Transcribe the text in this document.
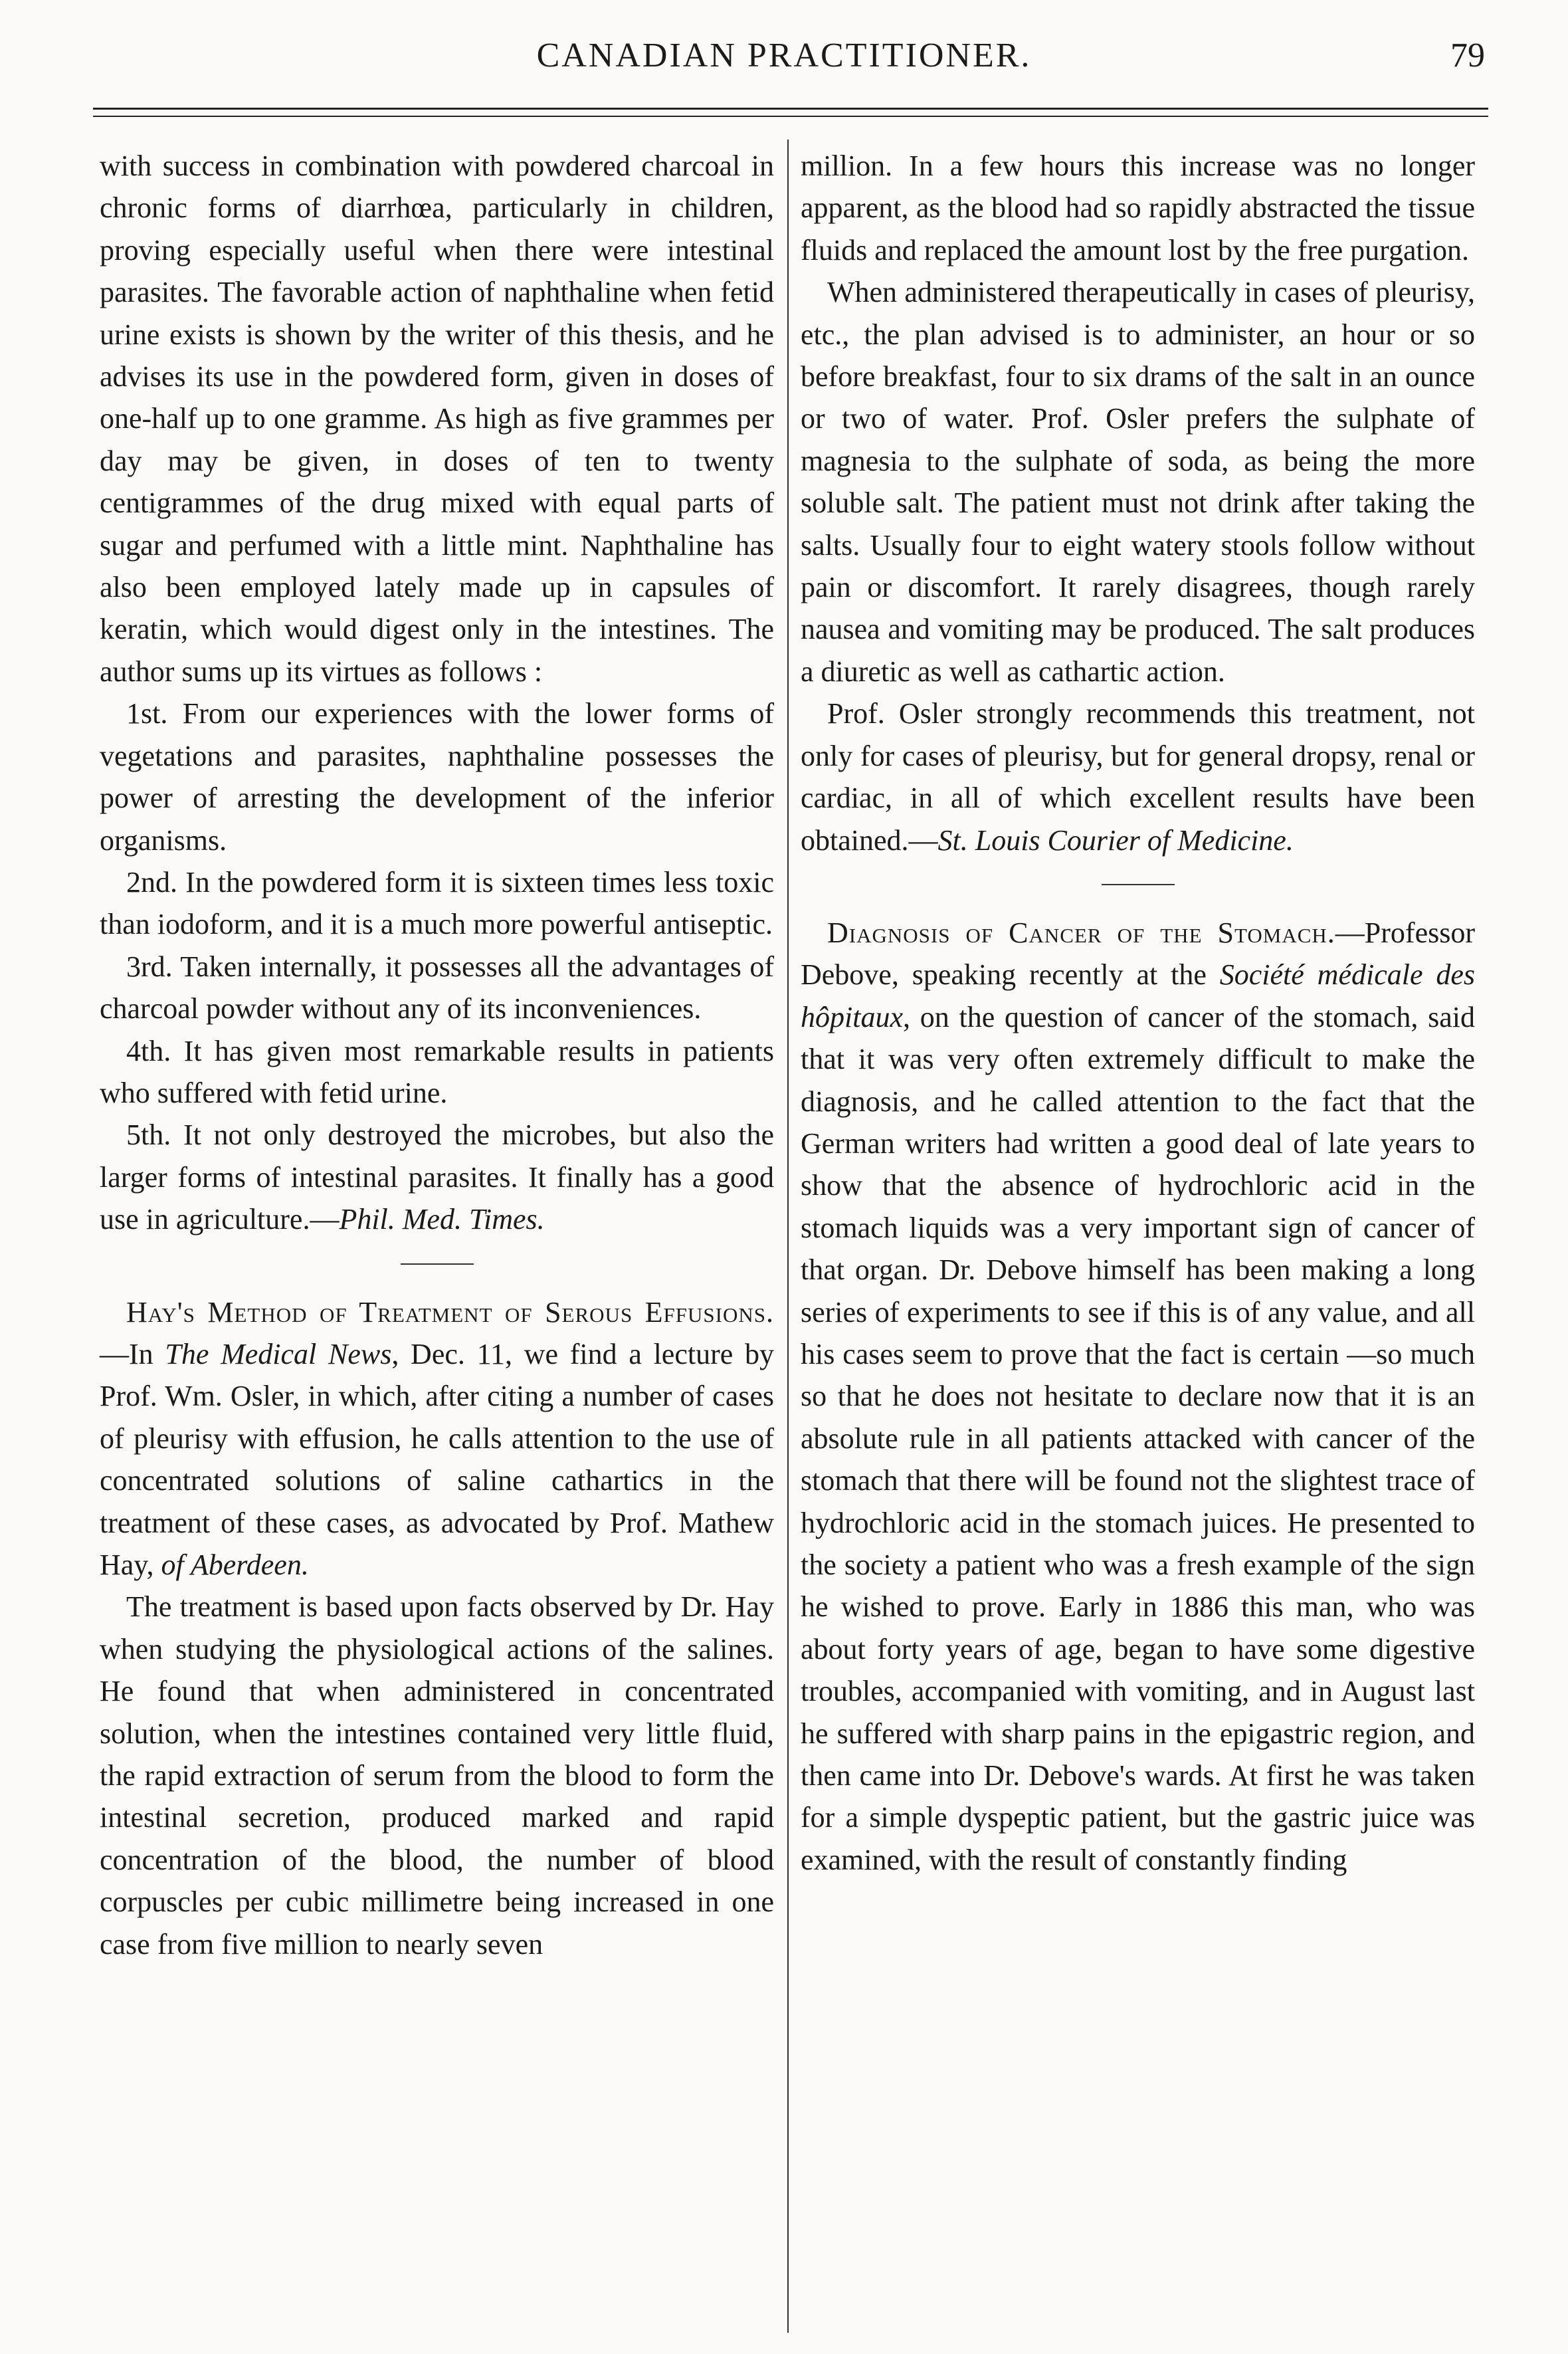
CANADIAN PRACTITIONER.	79

with success in combination with powdered charcoal in chronic forms of diarrhœa, particularly in children, proving especially useful when there were intestinal parasites. The favorable action of naphthaline when fetid urine exists is shown by the writer of this thesis, and he advises its use in the powdered form, given in doses of one-half up to one gramme. As high as five grammes per day may be given, in doses of ten to twenty centigrammes of the drug mixed with equal parts of sugar and perfumed with a little mint. Naphthaline has also been employed lately made up in capsules of keratin, which would digest only in the intestines. The author sums up its virtues as follows :

1st. From our experiences with the lower forms of vegetations and parasites, naphthaline possesses the power of arresting the development of the inferior organisms.

2nd. In the powdered form it is sixteen times less toxic than iodoform, and it is a much more powerful antiseptic.

3rd. Taken internally, it possesses all the advantages of charcoal powder without any of its inconveniences.

4th. It has given most remarkable results in patients who suffered with fetid urine.

5th. It not only destroyed the microbes, but also the larger forms of intestinal parasites. It finally has a good use in agriculture.—Phil. Med. Times.

Hay's Method of Treatment of Serous Effusions.—In The Medical News, Dec. 11, we find a lecture by Prof. Wm. Osler, in which, after citing a number of cases of pleurisy with effusion, he calls attention to the use of concentrated solutions of saline cathartics in the treatment of these cases, as advocated by Prof. Mathew Hay, of Aberdeen.

The treatment is based upon facts observed by Dr. Hay when studying the physiological actions of the salines. He found that when administered in concentrated solution, when the intestines contained very little fluid, the rapid extraction of serum from the blood to form the intestinal secretion, produced marked and rapid concentration of the blood, the number of blood corpuscles per cubic millimetre being increased in one case from five million to nearly seven

million. In a few hours this increase was no longer apparent, as the blood had so rapidly abstracted the tissue fluids and replaced the amount lost by the free purgation.

When administered therapeutically in cases of pleurisy, etc., the plan advised is to administer, an hour or so before breakfast, four to six drams of the salt in an ounce or two of water. Prof. Osler prefers the sulphate of magnesia to the sulphate of soda, as being the more soluble salt. The patient must not drink after taking the salts. Usually four to eight watery stools follow without pain or discomfort. It rarely disagrees, though rarely nausea and vomiting may be produced. The salt produces a diuretic as well as cathartic action.

Prof. Osler strongly recommends this treatment, not only for cases of pleurisy, but for general dropsy, renal or cardiac, in all of which excellent results have been obtained.—St. Louis Courier of Medicine.

Diagnosis of Cancer of the Stomach.—Professor Debove, speaking recently at the Société médicale des hôpitaux, on the question of cancer of the stomach, said that it was very often extremely difficult to make the diagnosis, and he called attention to the fact that the German writers had written a good deal of late years to show that the absence of hydrochloric acid in the stomach liquids was a very important sign of cancer of that organ. Dr. Debove himself has been making a long series of experiments to see if this is of any value, and all his cases seem to prove that the fact is certain —so much so that he does not hesitate to declare now that it is an absolute rule in all patients attacked with cancer of the stomach that there will be found not the slightest trace of hydrochloric acid in the stomach juices. He presented to the society a patient who was a fresh example of the sign he wished to prove. Early in 1886 this man, who was about forty years of age, began to have some digestive troubles, accompanied with vomiting, and in August last he suffered with sharp pains in the epigastric region, and then came into Dr. Debove's wards. At first he was taken for a simple dyspeptic patient, but the gastric juice was examined, with the result of constantly finding
